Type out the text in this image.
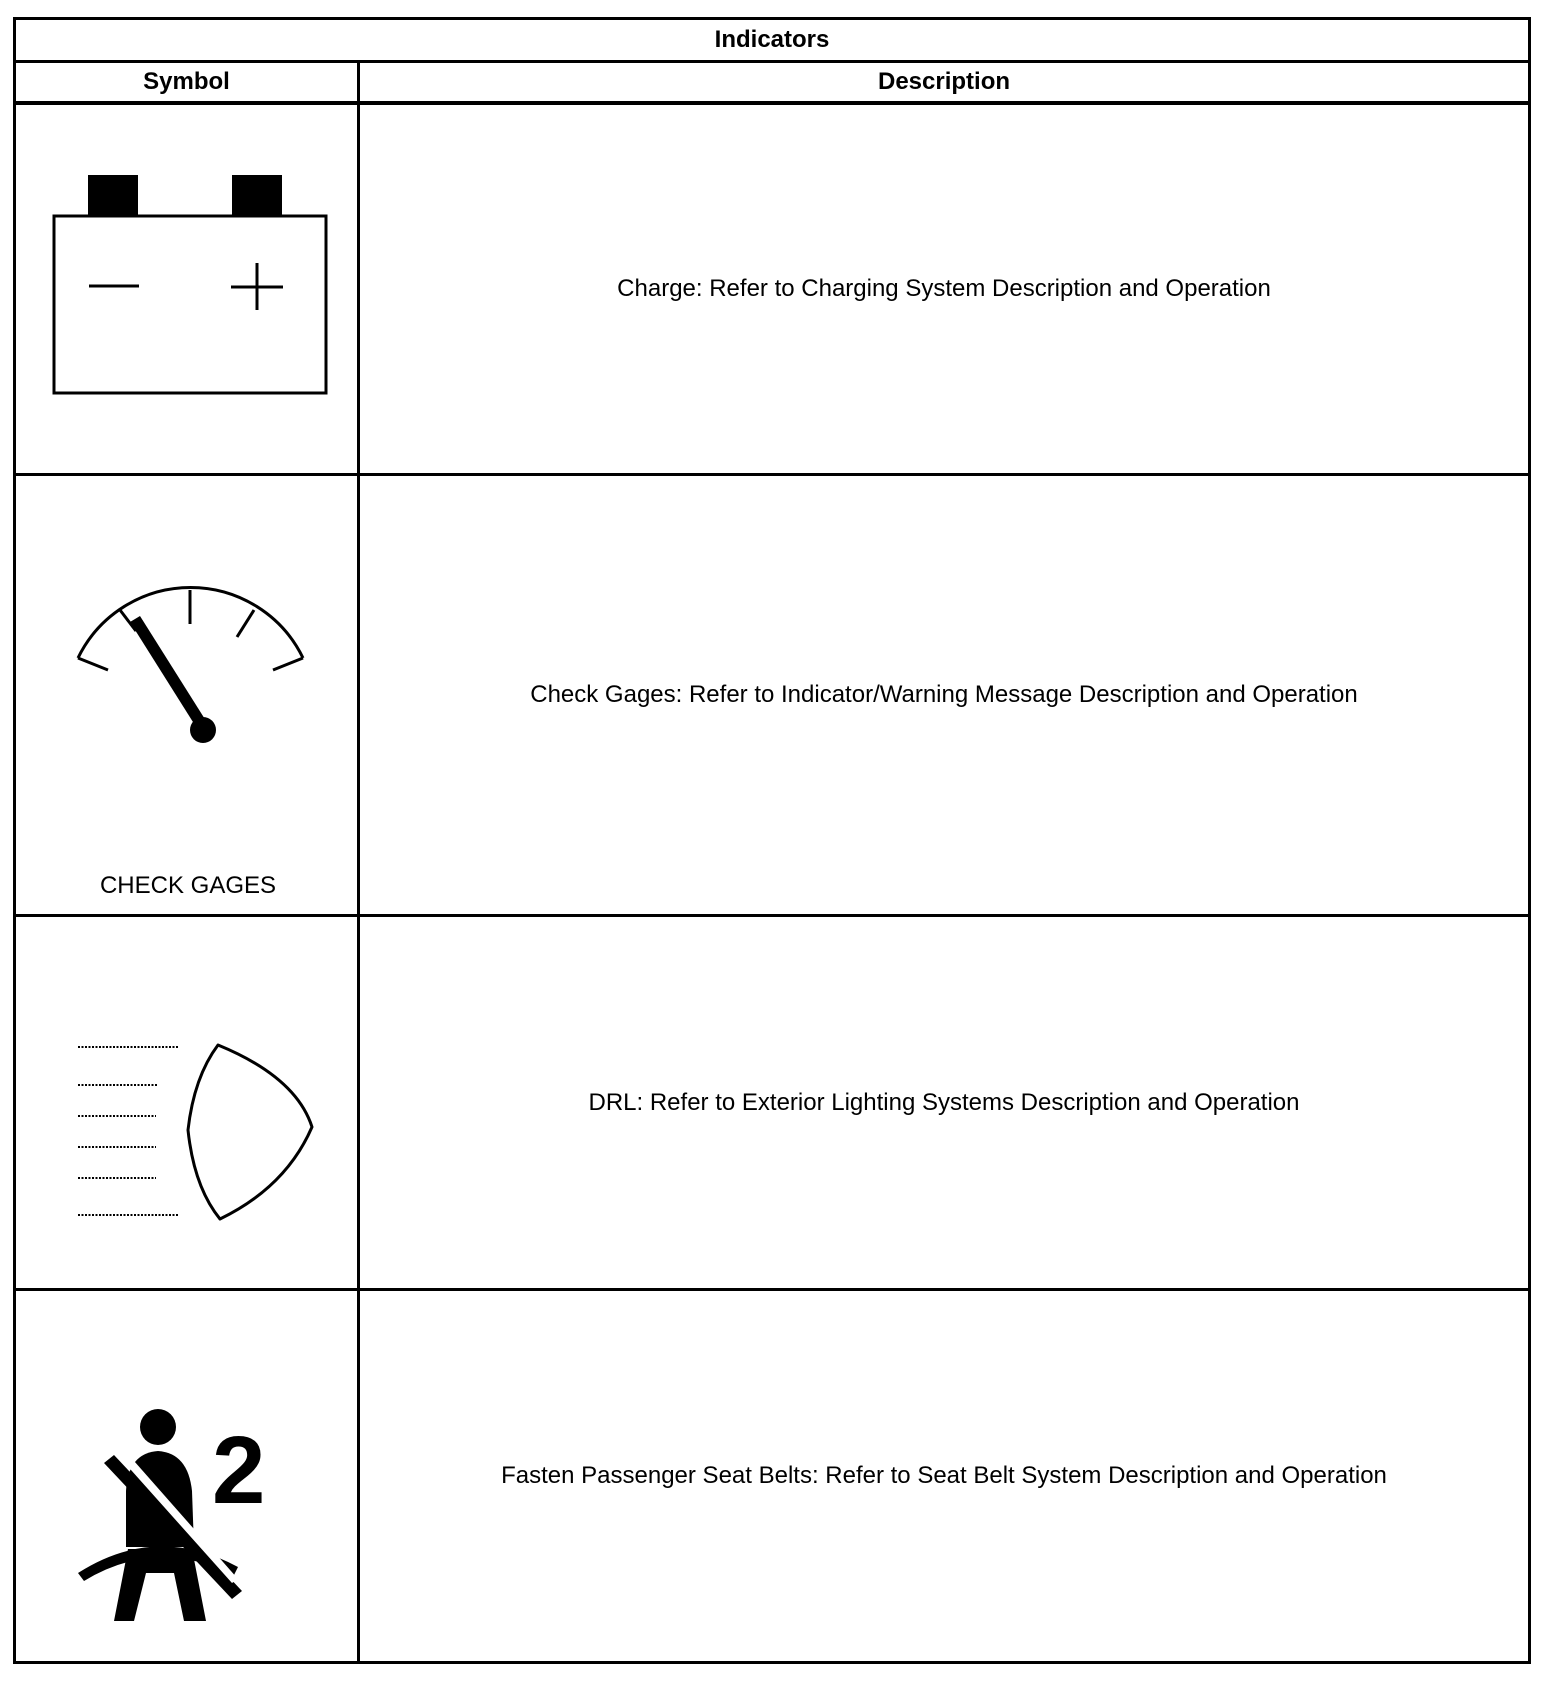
Indicators	
Symbol	Description

	Charge: Refer to Charging System Description and Operation

CHECK GAGES	Check Gages: Refer to Indicator/Warning Message Description and Operation

	DRL: Refer to Exterior Lighting Systems Description and Operation

2	Fasten Passenger Seat Belts: Refer to Seat Belt System Description and Operation
